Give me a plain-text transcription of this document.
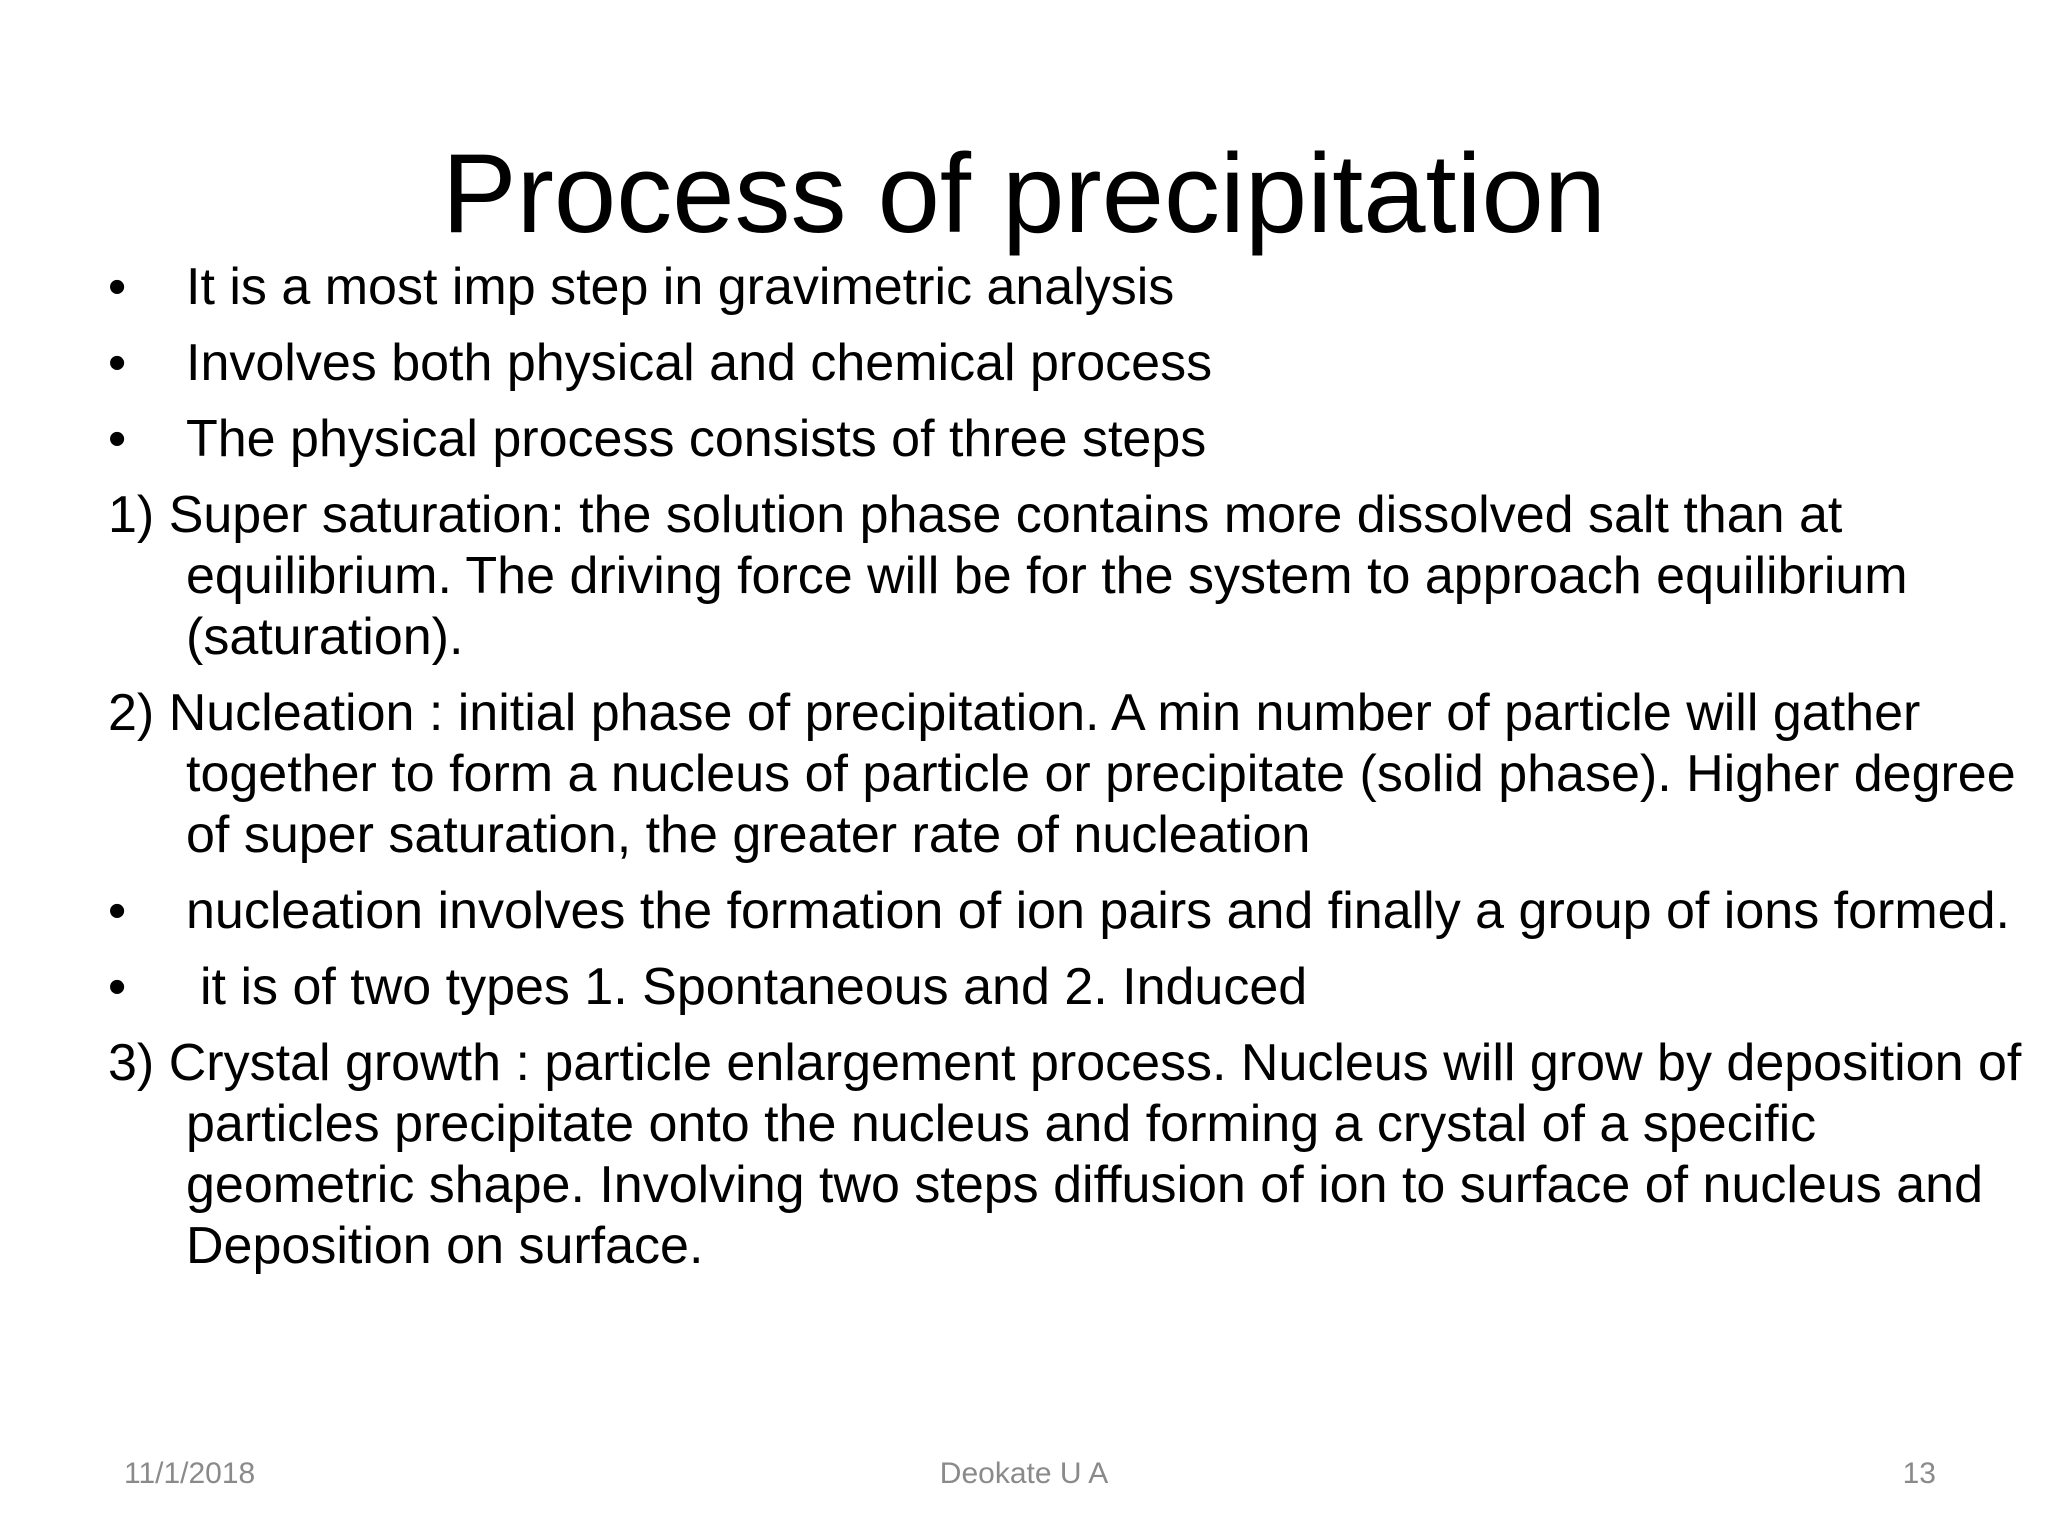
Process of precipitation
• It is a most imp step in gravimetric analysis
• Involves both physical and chemical process
• The physical process consists of three steps
1) Super saturation: the solution phase contains more dissolved salt than at equilibrium. The driving force will be for the system to approach equilibrium (saturation).
2) Nucleation : initial phase of precipitation. A min number of particle will gather together to form a nucleus of particle or precipitate (solid phase). Higher degree of super saturation, the greater rate of nucleation
• nucleation involves the formation of ion pairs and finally a group of ions formed.
• it is of two types 1. Spontaneous and 2. Induced
3) Crystal growth : particle enlargement process. Nucleus will grow by deposition of particles precipitate onto the nucleus and forming a crystal of a specific geometric shape. Involving two steps diffusion of ion to surface of nucleus and Deposition on surface.
11/1/2018	Deokate U A	13
